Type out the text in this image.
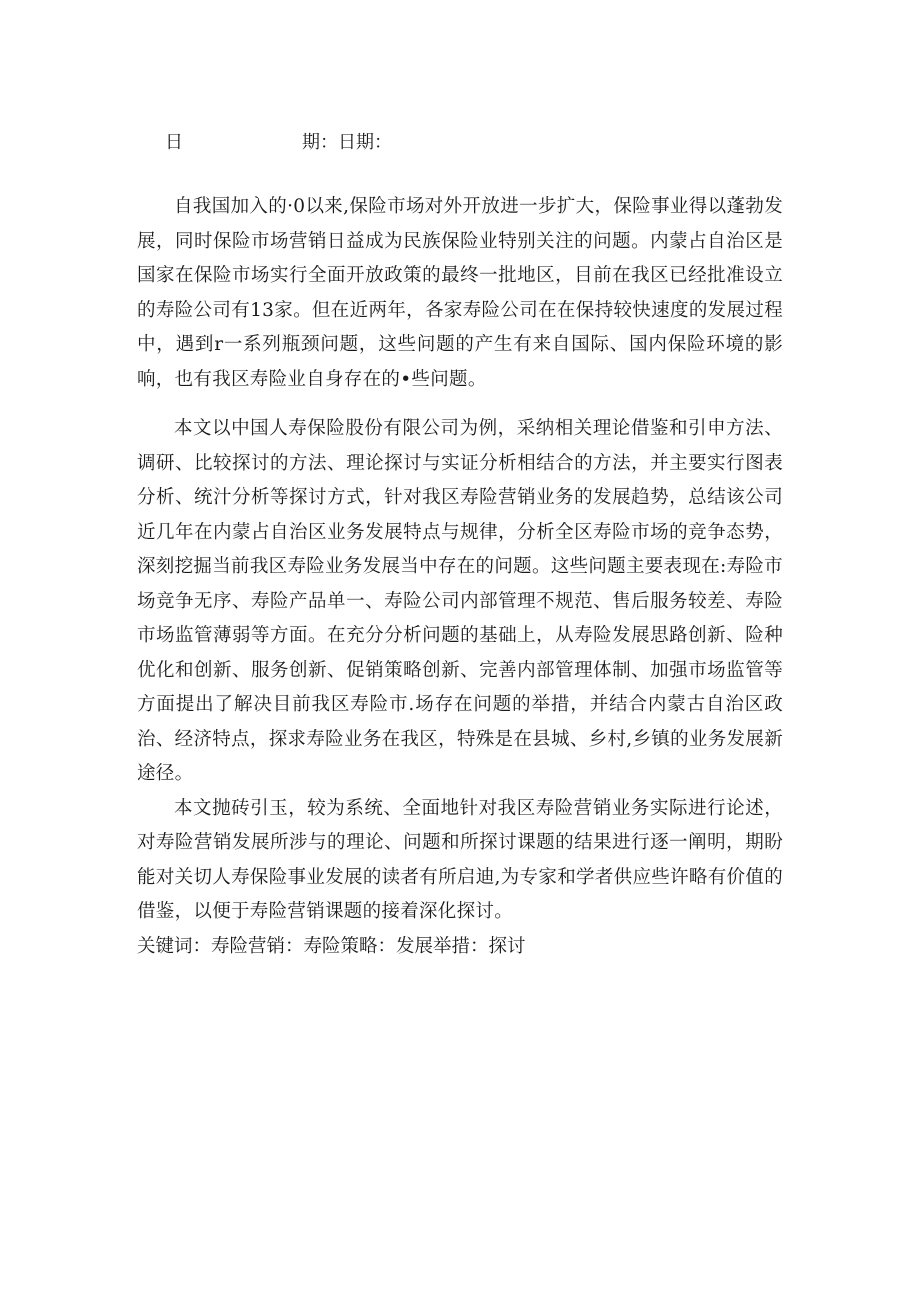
日	期：日期：

自我国加入的·0以来,保险市场对外开放进一步扩大，保险事业得以蓬勃发展，同时保险市场营销日益成为民族保险业特别关注的问题。内蒙占自治区是国家在保险市场实行全面开放政策的最终一批地区，目前在我区已经批准设立的寿险公司有13家。但在近两年，各家寿险公司在在保持较快速度的发展过程中，遇到r一系列瓶颈问题，这些问题的产生有来自国际、国内保险环境的影响，也有我区寿险业自身存在的•些问题。

本文以中国人寿保险股份有限公司为例，采纳相关理论借鉴和引申方法、调研、比较探讨的方法、理论探讨与实证分析相结合的方法，并主要实行图表分析、统汁分析等探讨方式，针对我区寿险营销业务的发展趋势，总结该公司近几年在内蒙占自治区业务发展特点与规律，分析全区寿险市场的竞争态势，深刻挖掘当前我区寿险业务发展当中存在的问题。这些问题主要表现在:寿险市场竞争无序、寿险产品单一、寿险公司内部管理不规范、售后服务较差、寿险市场监管薄弱等方面。在充分分析问题的基础上，从寿险发展思路创新、险种优化和创新、服务创新、促销策略创新、完善内部管理体制、加强市场监管等方面提出了解决目前我区寿险市.场存在问题的举措，并结合内蒙古自治区政治、经济特点，探求寿险业务在我区，特殊是在县城、乡村,乡镇的业务发展新途径。

本文抛砖引玉，较为系统、全面地针对我区寿险营销业务实际进行论述，对寿险营销发展所涉与的理论、问题和所探讨课题的结果进行逐一阐明，期盼能对关切人寿保险事业发展的读者有所启迪,为专家和学者供应些许略有价值的借鉴，以便于寿险营销课题的接着深化探讨。

关键词：寿险营销：寿险策略：发展举措：探讨
